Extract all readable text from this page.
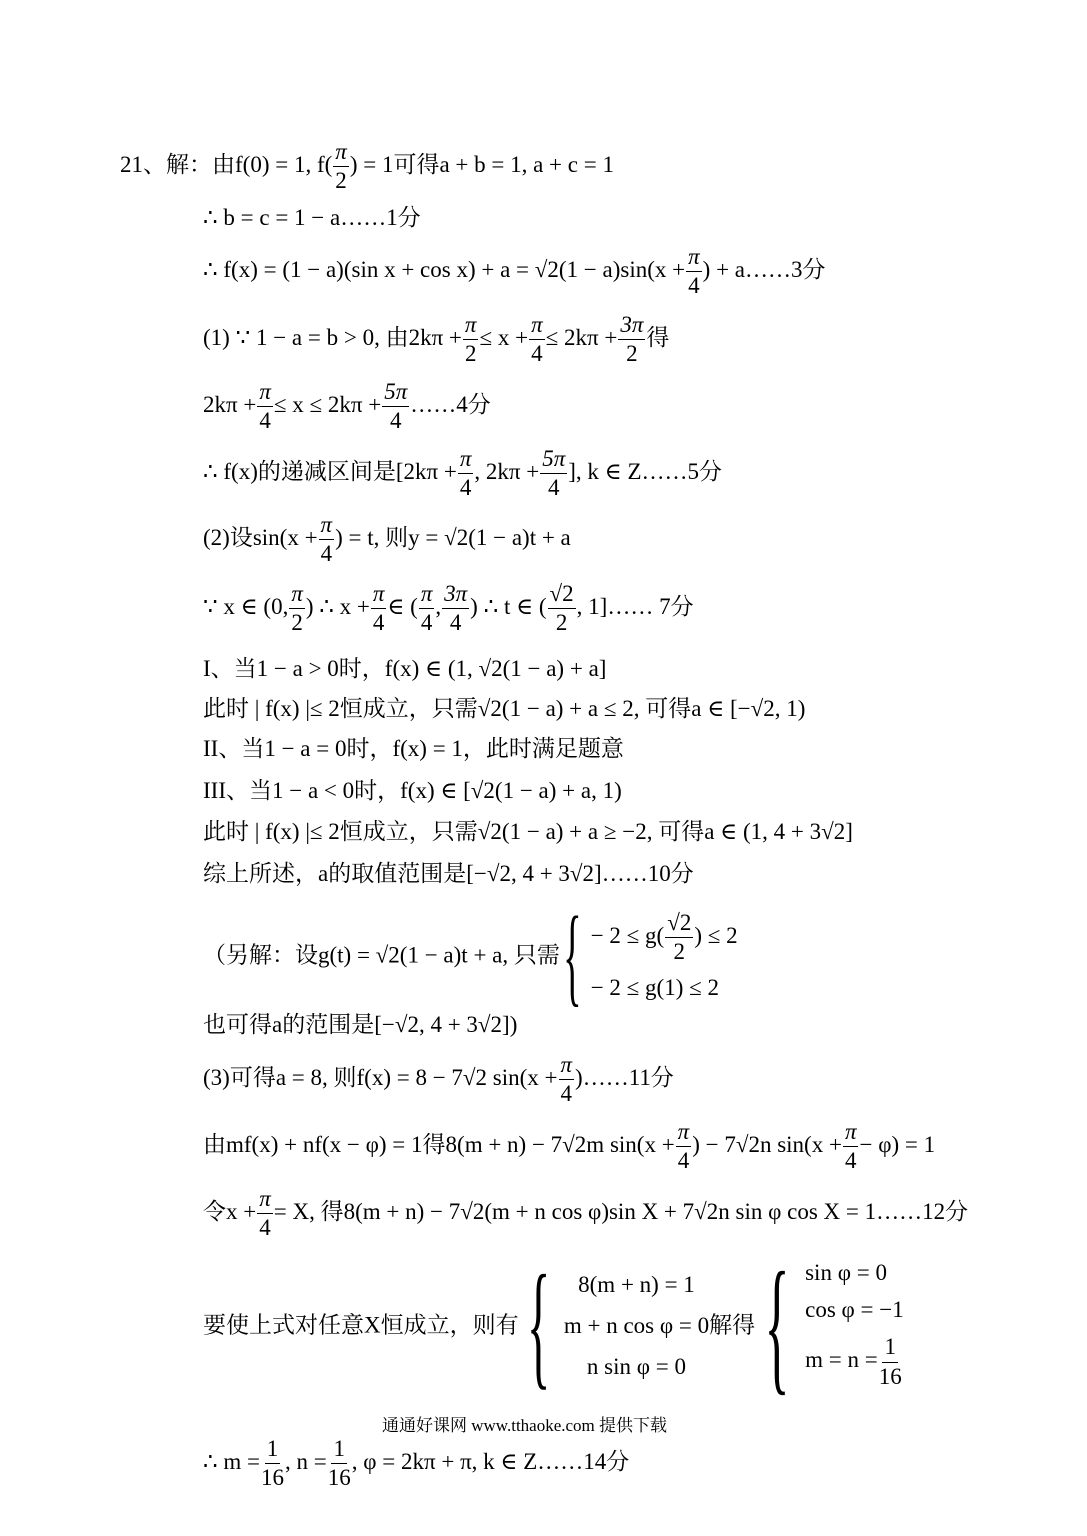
21、解：由f(0) = 1, $f( \frac{\pi}{2}$ ) = 1可得a + b = 1, a + c = 1
∴ b = c = 1 − a……1分
∴ f(x) = (1 − a)(sin $x + \cos x) + a = √2(1 - a)\sin(x + \frac{\pi}{4}$ ) + a……3分
(1) ∵ 1 − a = b > 0, 由$2k\pi + \frac{\pi}{2} \le x + \frac{\pi}{4} \le 2k\pi + \frac{3\pi}{2}$ 得
$2k\pi + \frac{\pi}{4} \le x \le 2k\pi + \frac{5\pi}{4}$ ……4分
∴ f(x)的递减区间是[$2k\pi + \frac{\pi}{4}$ , $2k\pi + \frac{5\pi}{4}$ ], k ∈ Z……5分
(2)设$\sin(x + \frac{\pi}{4}$ ) = t, 则y = √2(1 − a)t + a
∵ x ∈ (0, $\frac{\pi}{2}$ ) ∴ $x + \frac{\pi}{4}$ ∈ ( $\frac{\pi}{4}$ , $\frac{3\pi}{4}$ ) ∴ t ∈ ( $\frac{√2}{2}$ , 1]…… 7分
I、当1 − a > 0时，f(x) ∈ (1, √2(1 − a) + a]
此时 | f(x) |≤ 2恒成立，只需√2(1 − a) + a ≤ 2, 可得a ∈ [−√2, 1)
II、当1 − a = 0时，f(x) = 1，此时满足题意
III、当1 − a < 0时，f(x) ∈ [√2(1 − a) + a, 1)
此时 | f(x) |≤ 2恒成立，只需√2(1 − a) + a ≥ −2, 可得a ∈ (1, 4 + 3√2]
综上所述，a的取值范围是[−√2, 4 + 3√2]……10分
（另解：设g(t) = √2(1 − a)t + a, 只需 { − $2 \le g( \frac{√2}{2}$ ) ≤ 2
− 2 ≤ g(1) ≤ 2
也可得a的范围是[−√2, 4 + 3√2])
(3)可得a = 8, 则f(x) = 8 − 7√2 $\sin(x + \frac{\pi}{4}$ )……11分
由mf(x) + nf(x − φ) = 1得8(m + n) − 7√2m $\sin(x + \frac{\pi}{4}$ ) − 7√2n $\sin(x + \frac{\pi}{4} - \varphi) = 1$
令$x + \frac{\pi}{4} = X$, 得8(m + n) − 7√2(m + n cos φ)sin X + 7√2n sin φ cos X = 1……12分
要使上式对任意X恒成立，则有 { 8(m + n) = 1
m + n cos φ = 0
n sin φ = 0
解得 { sin φ = 0
cos φ = −1
$m = n = \frac{1}{16}$
∴ $m = \frac{1}{16}$ , $n = \frac{1}{16}$ , φ = 2kπ + π, k ∈ Z……14分
通通好课网 www.tthaoke.com 提供下载
